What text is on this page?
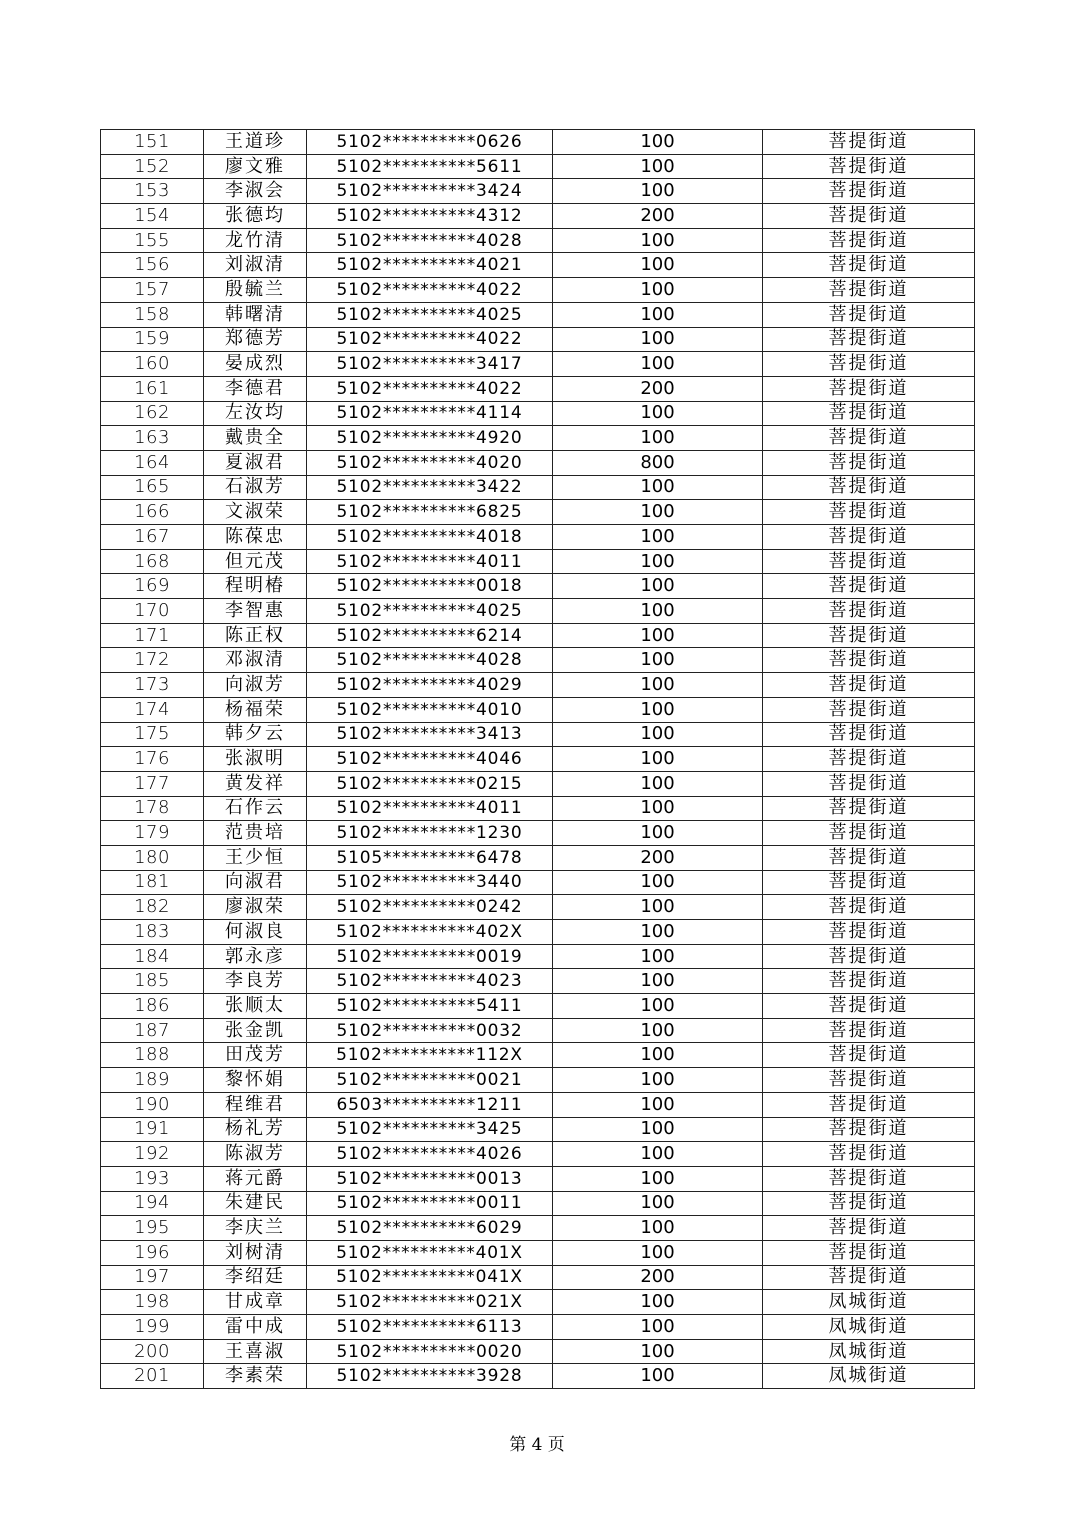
151	王道珍	5102**********0626	100	菩提街道
152	廖文雅	5102**********5611	100	菩提街道
153	李淑会	5102**********3424	100	菩提街道
154	张德均	5102**********4312	200	菩提街道
155	龙竹清	5102**********4028	100	菩提街道
156	刘淑清	5102**********4021	100	菩提街道
157	殷毓兰	5102**********4022	100	菩提街道
158	韩曙清	5102**********4025	100	菩提街道
159	郑德芳	5102**********4022	100	菩提街道
160	晏成烈	5102**********3417	100	菩提街道
161	李德君	5102**********4022	200	菩提街道
162	左汝均	5102**********4114	100	菩提街道
163	戴贵全	5102**********4920	100	菩提街道
164	夏淑君	5102**********4020	800	菩提街道
165	石淑芳	5102**********3422	100	菩提街道
166	文淑荣	5102**********6825	100	菩提街道
167	陈葆忠	5102**********4018	100	菩提街道
168	但元茂	5102**********4011	100	菩提街道
169	程明椿	5102**********0018	100	菩提街道
170	李智惠	5102**********4025	100	菩提街道
171	陈正权	5102**********6214	100	菩提街道
172	邓淑清	5102**********4028	100	菩提街道
173	向淑芳	5102**********4029	100	菩提街道
174	杨福荣	5102**********4010	100	菩提街道
175	韩夕云	5102**********3413	100	菩提街道
176	张淑明	5102**********4046	100	菩提街道
177	黄发祥	5102**********0215	100	菩提街道
178	石作云	5102**********4011	100	菩提街道
179	范贵培	5102**********1230	100	菩提街道
180	王少恒	5105**********6478	200	菩提街道
181	向淑君	5102**********3440	100	菩提街道
182	廖淑荣	5102**********0242	100	菩提街道
183	何淑良	5102**********402X	100	菩提街道
184	郭永彦	5102**********0019	100	菩提街道
185	李良芳	5102**********4023	100	菩提街道
186	张顺太	5102**********5411	100	菩提街道
187	张金凯	5102**********0032	100	菩提街道
188	田茂芳	5102**********112X	100	菩提街道
189	黎怀娟	5102**********0021	100	菩提街道
190	程维君	6503**********1211	100	菩提街道
191	杨礼芳	5102**********3425	100	菩提街道
192	陈淑芳	5102**********4026	100	菩提街道
193	蒋元爵	5102**********0013	100	菩提街道
194	朱建民	5102**********0011	100	菩提街道
195	李庆兰	5102**********6029	100	菩提街道
196	刘树清	5102**********401X	100	菩提街道
197	李绍廷	5102**********041X	200	菩提街道
198	甘成章	5102**********021X	100	凤城街道
199	雷中成	5102**********6113	100	凤城街道
200	王喜淑	5102**********0020	100	凤城街道
201	李素荣	5102**********3928	100	凤城街道
第 4 页
